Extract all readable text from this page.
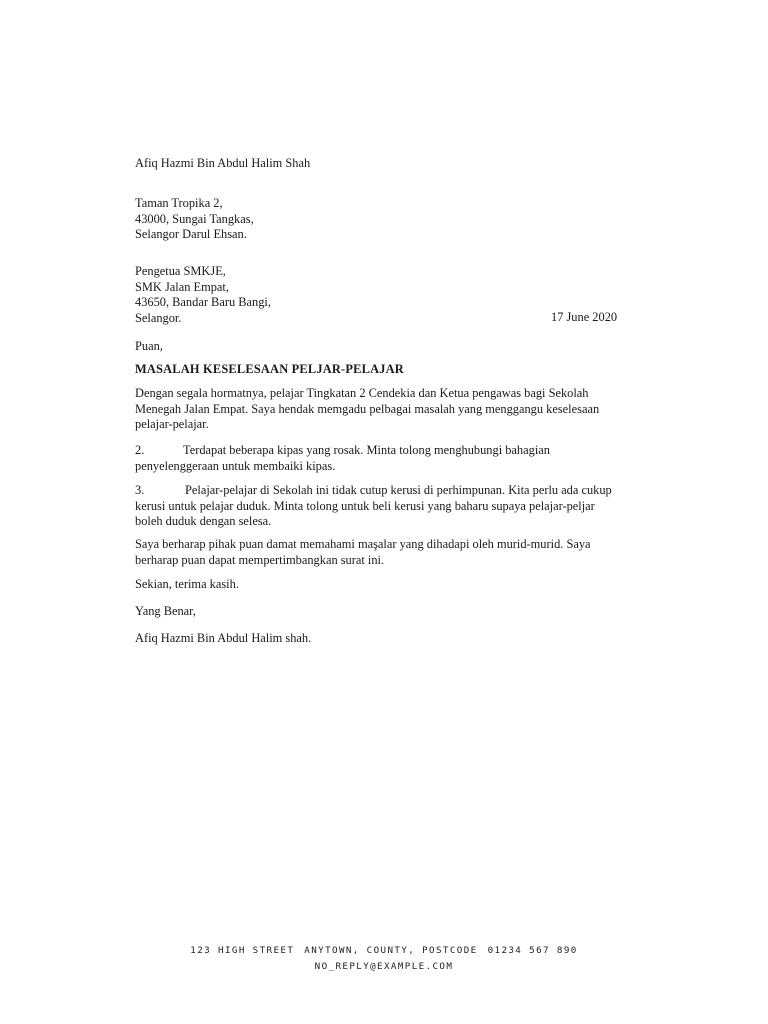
Afiq Hazmi Bin Abdul Halim Shah
Taman Tropika 2,
43000, Sungai Tangkas,
Selangor Darul Ehsan.
Pengetua SMKJE,
SMK Jalan Empat,
43650, Bandar Baru Bangi,
Selangor.	17 June 2020
Puan,
MASALAH KESELESAAN PELJAR-PELAJAR
Dengan segala hormatnya, pelajar Tingkatan 2 Cendekia dan Ketua pengawas bagi Sekolah
Menegah Jalan Empat. Saya hendak memgadu pelbagai masalah yang menggangu keselesaan
pelajar-pelajar.
2.	Terdapat beberapa kipas yang rosak. Minta tolong menghubungi bahagian
penyelenggeraan untuk membaiki kipas.
3.	Pelajar-pelajar di Sekolah ini tidak cutup kerusi di perhimpunan. Kita perlu ada cukup
kerusi untuk pelajar duduk. Minta tolong untuk beli kerusi yang baharu supaya pelajar-peljar
boleh duduk dengan selesa.
Saya berharap pihak puan damat memahami maşalar yang dihadapi oleh murid-murid. Saya
berharap puan dapat mempertimbangkan surat ini.
Sekian, terima kasih.
Yang Benar,
Afiq Hazmi Bin Abdul Halim shah.
123 HIGH STREET ANYTOWN, COUNTY, POSTCODE 01234 567 890
NO_REPLY@EXAMPLE.COM
